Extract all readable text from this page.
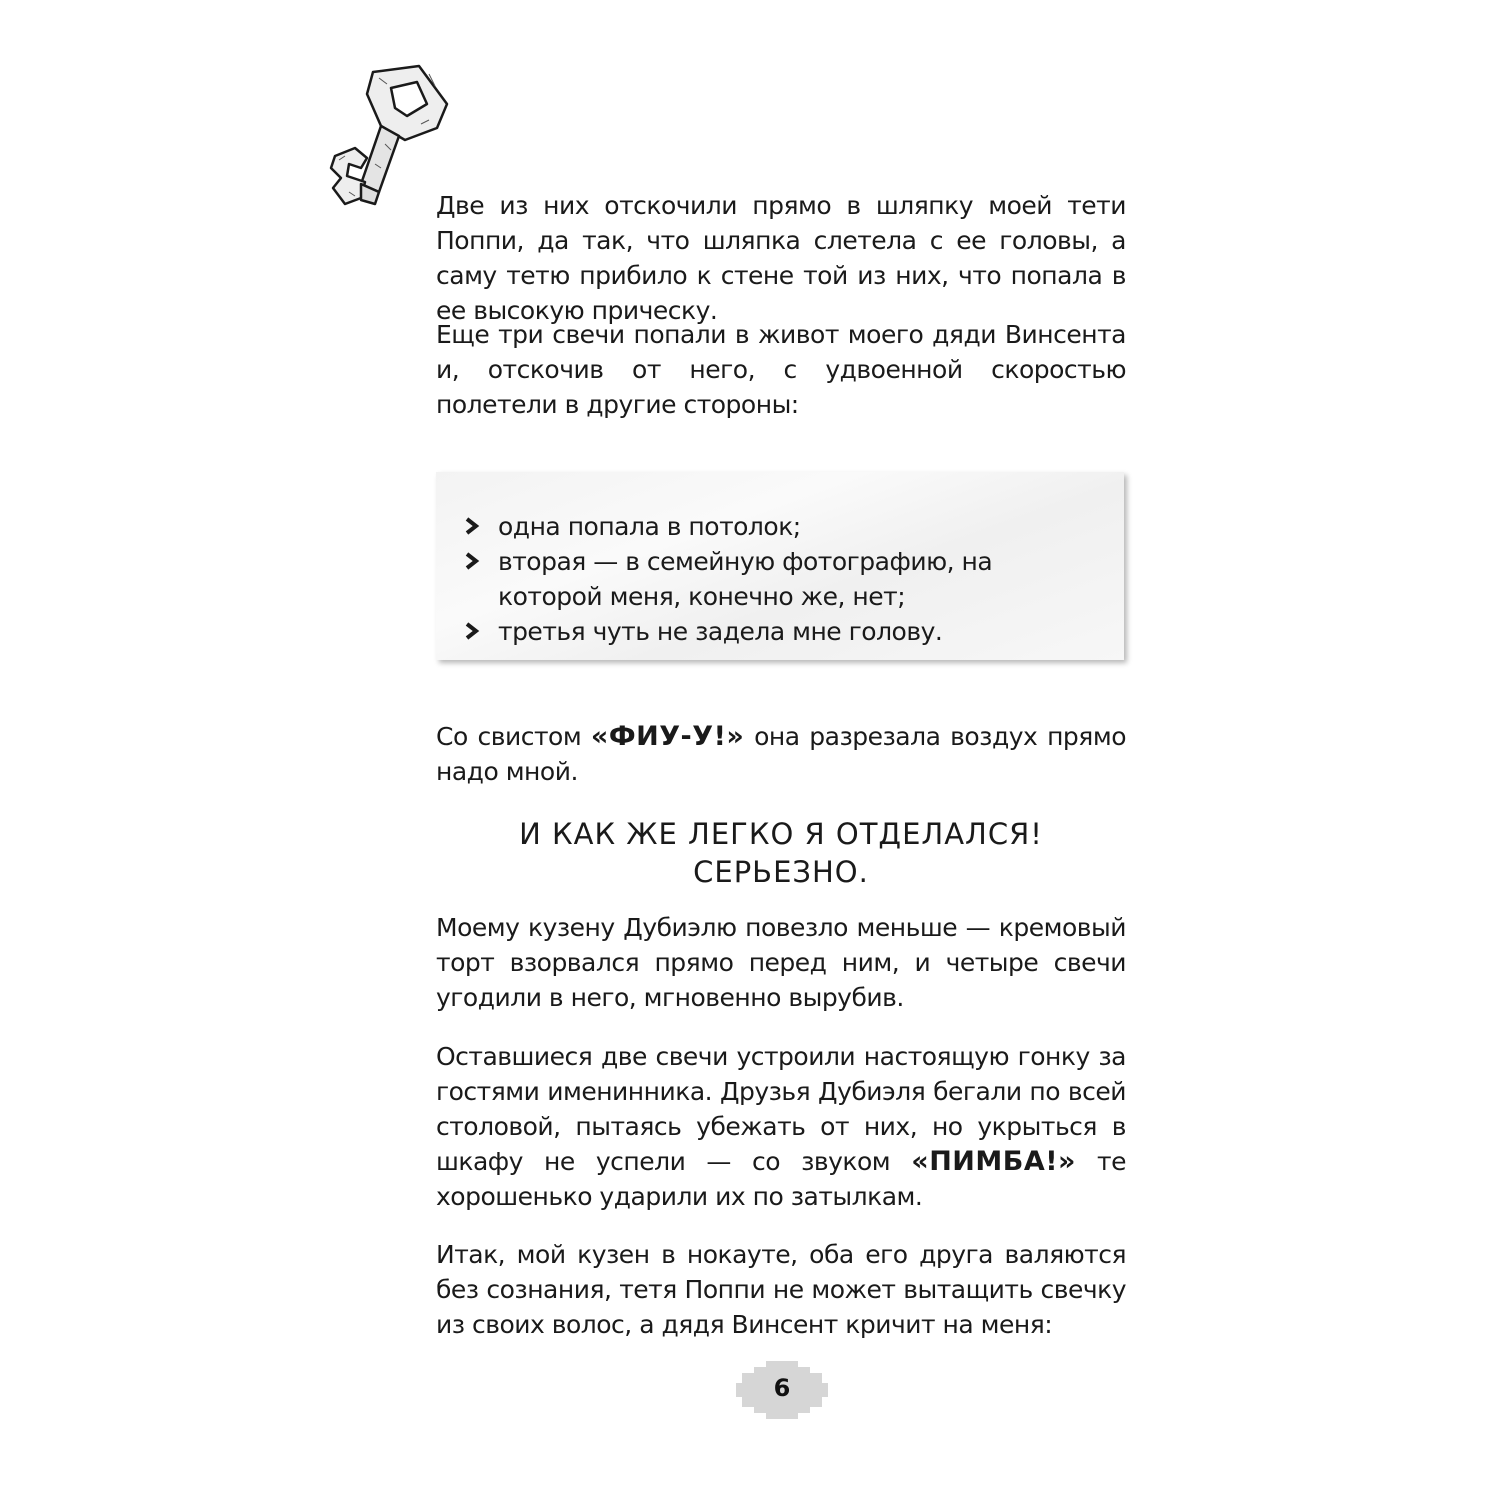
Две из них отскочили прямо в шляпку моей тети Поппи, да так, что шляпка слетела с ее головы, а саму тетю прибило к стене той из них, что попала в ее высокую прическу.

Еще три свечи попали в живот моего дяди Винсента и, отскочив от него, с удвоенной скоростью полетели в другие стороны:

одна попала в потолок;
вторая — в семейную фотографию, на которой меня, конечно же, нет;
третья чуть не задела мне голову.

Со свистом «ФИУ-У!» она разрезала воздух прямо надо мной.

И КАК ЖЕ ЛЕГКО Я ОТДЕЛАЛСЯ!
СЕРЬЕЗНО.

Моему кузену Дубиэлю повезло меньше — кремовый торт взорвался прямо перед ним, и четыре свечи угодили в него, мгновенно вырубив.

Оставшиеся две свечи устроили настоящую гонку за гостями именинника. Друзья Дубиэля бегали по всей столовой, пытаясь убежать от них, но укрыться в шкафу не успели — со звуком «ПИМБА!» те хорошенько ударили их по затылкам.

Итак, мой кузен в нокауте, оба его друга валяются без сознания, тетя Поппи не может вытащить свечку из своих волос, а дядя Винсент кричит на меня:

6
